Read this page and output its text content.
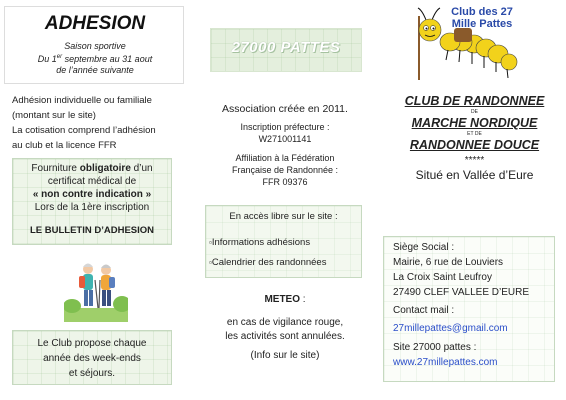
ADHESION
Saison sportive
Du 1er septembre au 31 aout
de l’année suivante
Adhésion individuelle ou familiale
(montant sur le site)
La cotisation comprend l’adhésion
au club et la licence FFR
Fourniture obligatoire d’un
certificat médical de
« non contre indication »
Lors de la 1ère inscription
LE BULLETIN D’ADHESION
Le Club propose chaque
année des week-ends
et séjours.
27000 PATTES
Association créée en 2011.
Inscription préfecture :
W271001141
Affiliation à la Fédération
Française de Randonnée :
FFR 09376
En accès libre sur le site :
▫Informations adhésions
▫Calendrier des randonnées
METEO :
en cas de vigilance rouge,
les activités sont annulées.
(Info sur le site)
Club des 27
Mille Pattes
CLUB DE RANDONNEE
DE
MARCHE NORDIQUE
ET DE
RANDONNEE DOUCE
*****
Situé en Vallée d’Eure
Siège Social :
Mairie, 6 rue de Louviers
La Croix Saint Leufroy
27490 CLEF VALLEE D’EURE
Contact mail :
27millepattes@gmail.com
Site 27000 pattes :
www.27millepattes.com
